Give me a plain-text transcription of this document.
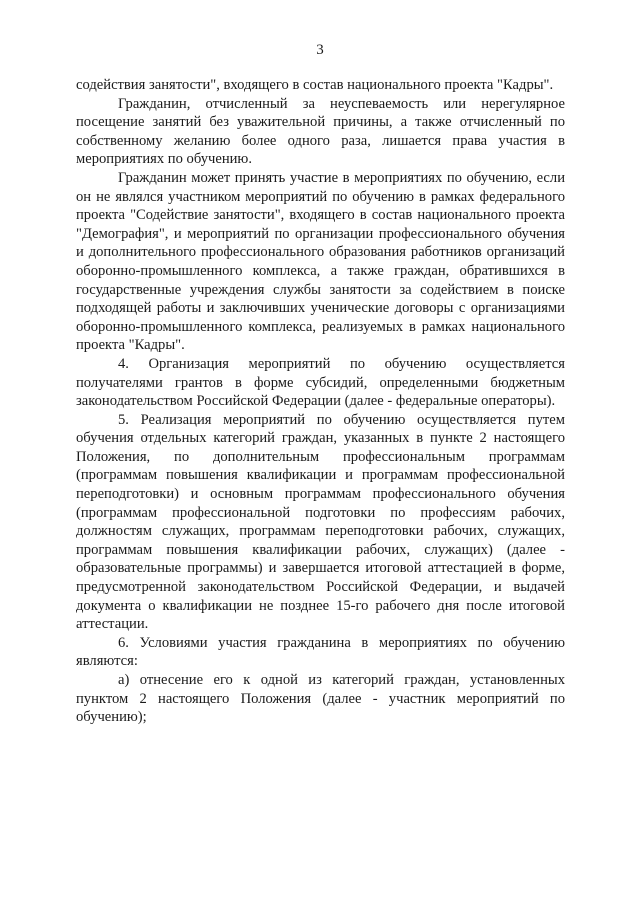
3

содействия занятости", входящего в состав национального проекта "Кадры".

Гражданин, отчисленный за неуспеваемость или нерегулярное посещение занятий без уважительной причины, а также отчисленный по собственному желанию более одного раза, лишается права участия в мероприятиях по обучению.

Гражданин может принять участие в мероприятиях по обучению, если он не являлся участником мероприятий по обучению в рамках федерального проекта "Содействие занятости", входящего в состав национального проекта "Демография", и мероприятий по организации профессионального обучения и дополнительного профессионального образования работников организаций оборонно-промышленного комплекса, а также граждан, обратившихся в государственные учреждения службы занятости за содействием в поиске подходящей работы и заключивших ученические договоры с организациями оборонно-промышленного комплекса, реализуемых в рамках национального проекта "Кадры".

4. Организация мероприятий по обучению осуществляется получателями грантов в форме субсидий, определенными бюджетным законодательством Российской Федерации (далее - федеральные операторы).

5. Реализация мероприятий по обучению осуществляется путем обучения отдельных категорий граждан, указанных в пункте 2 настоящего Положения, по дополнительным профессиональным программам (программам повышения квалификации и программам профессиональной переподготовки) и основным программам профессионального обучения (программам профессиональной подготовки по профессиям рабочих, должностям служащих, программам переподготовки рабочих, служащих, программам повышения квалификации рабочих, служащих) (далее - образовательные программы) и завершается итоговой аттестацией в форме, предусмотренной законодательством Российской Федерации, и выдачей документа о квалификации не позднее 15-го рабочего дня после итоговой аттестации.

6. Условиями участия гражданина в мероприятиях по обучению являются:

а) отнесение его к одной из категорий граждан, установленных пунктом 2 настоящего Положения (далее - участник мероприятий по обучению);
